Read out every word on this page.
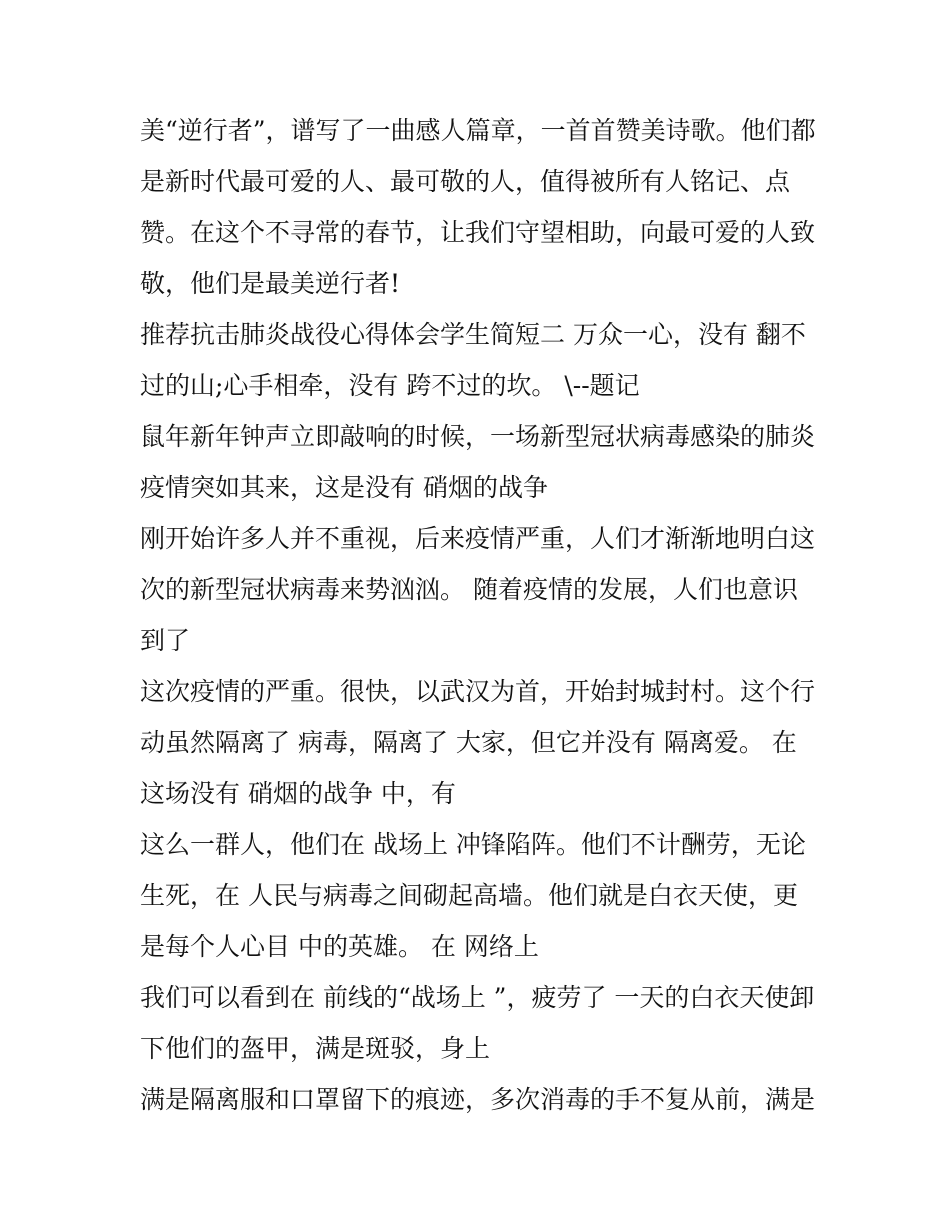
美“逆行者”，谱写了一曲感人篇章，一首首赞美诗歌。他们都
是新时代最可爱的人、最可敬的人，值得被所有人铭记、点
赞。在这个不寻常的春节，让我们守望相助，向最可爱的人致
敬，他们是最美逆行者!
推荐抗击肺炎战役心得体会学生简短二 万众一心，没有 翻不
过的山;心手相牵，没有 跨不过的坎。 \--题记
鼠年新年钟声立即敲响的时候，一场新型冠状病毒感染的肺炎
疫情突如其来，这是没有 硝烟的战争
刚开始许多人并不重视，后来疫情严重，人们才渐渐地明白这
次的新型冠状病毒来势汹汹。 随着疫情的发展，人们也意识
到了
这次疫情的严重。很快，以武汉为首，开始封城封村。这个行
动虽然隔离了 病毒，隔离了 大家，但它并没有 隔离爱。 在
这场没有 硝烟的战争 中，有
这么一群人，他们在 战场上 冲锋陷阵。他们不计酬劳，无论
生死，在 人民与病毒之间砌起高墙。他们就是白衣天使，更
是每个人心目 中的英雄。 在 网络上
我们可以看到在 前线的“战场上 ”，疲劳了 一天的白衣天使卸
下他们的盔甲，满是斑驳，身上
满是隔离服和口罩留下的痕迹，多次消毒的手不复从前，满是
